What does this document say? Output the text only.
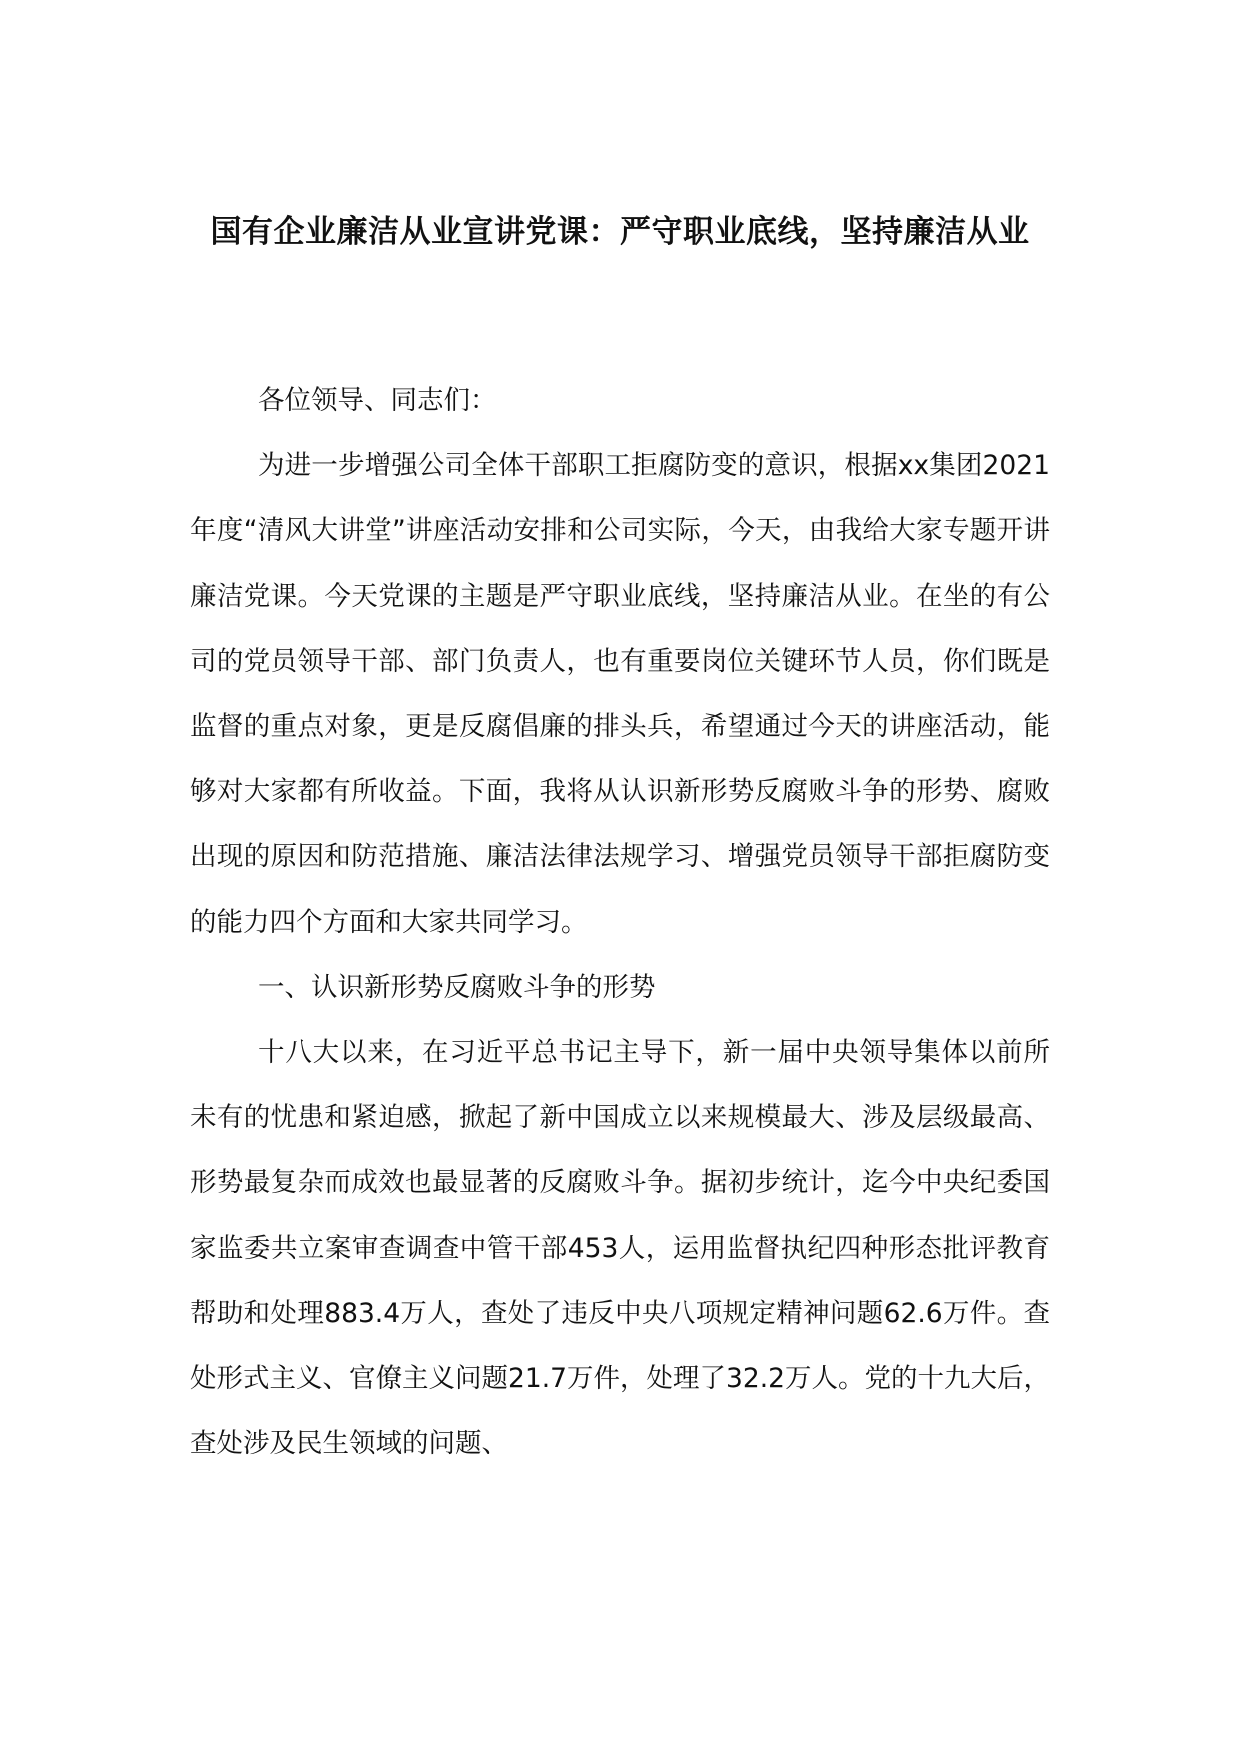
国有企业廉洁从业宣讲党课：严守职业底线，坚持廉洁从业

各位领导、同志们：

为进一步增强公司全体干部职工拒腐防变的意识，根据xx集团2021年度“清风大讲堂”讲座活动安排和公司实际，今天，由我给大家专题开讲廉洁党课。今天党课的主题是严守职业底线，坚持廉洁从业。在坐的有公司的党员领导干部、部门负责人，也有重要岗位关键环节人员，你们既是监督的重点对象，更是反腐倡廉的排头兵，希望通过今天的讲座活动，能够对大家都有所收益。下面，我将从认识新形势反腐败斗争的形势、腐败出现的原因和防范措施、廉洁法律法规学习、增强党员领导干部拒腐防变的能力四个方面和大家共同学习。

一、认识新形势反腐败斗争的形势

十八大以来，在习近平总书记主导下，新一届中央领导集体以前所未有的忧患和紧迫感，掀起了新中国成立以来规模最大、涉及层级最高、形势最复杂而成效也最显著的反腐败斗争。据初步统计，迄今中央纪委国家监委共立案审查调查中管干部453人，运用监督执纪四种形态批评教育帮助和处理883.4万人，查处了违反中央八项规定精神问题62.6万件。查处形式主义、官僚主义问题21.7万件，处理了32.2万人。党的十九大后，查处涉及民生领域的问题、
